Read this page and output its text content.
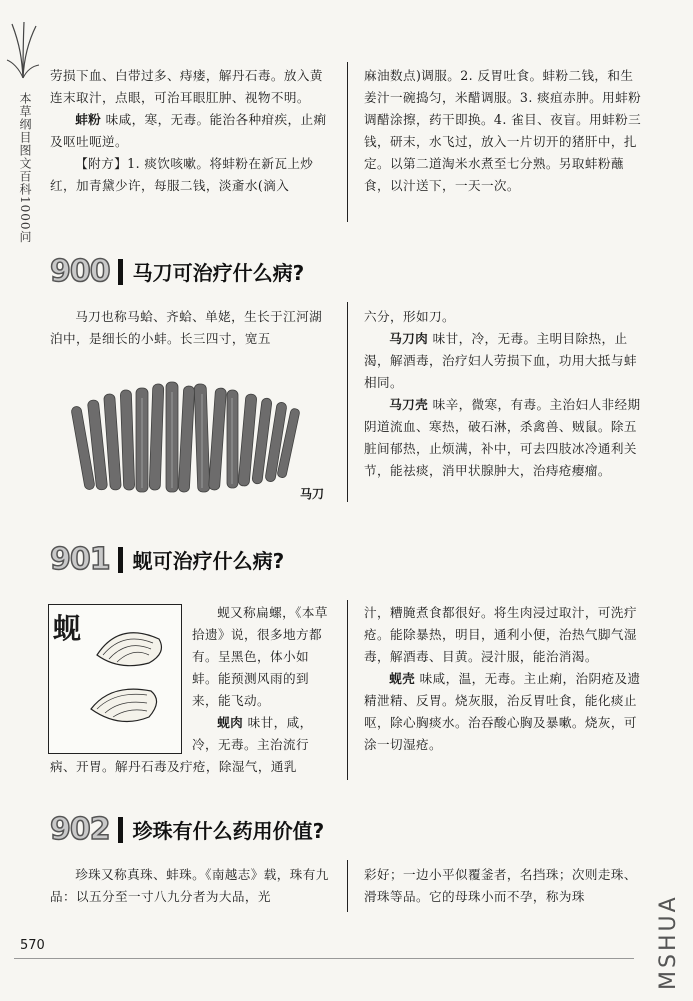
本草纲目图文百科1000问

劳损下血、白带过多、痔瘘，解丹石毒。放入黄连末取汁，点眼，可治耳眼肛肿、视物不明。

蚌粉 味咸，寒，无毒。能治各种疳疾，止痢及呕吐呃逆。

【附方】1. 痰饮咳嗽。将蚌粉在新瓦上炒红，加青黛少许，每服二钱，淡齑水(滴入

麻油数点)调服。2. 反胃吐食。蚌粉二钱，和生姜汁一碗捣匀，米醋调服。3. 痰疽赤肿。用蚌粉调醋涂擦，药干即换。4. 雀目、夜盲。用蚌粉三钱，研末，水飞过，放入一片切开的猪肝中，扎定。以第二道淘米水煮至七分熟。另取蚌粉蘸食，以汁送下，一天一次。

900 马刀可治疗什么病?

马刀也称马蛤、齐蛤、单姥，生长于江河湖泊中，是细长的小蚌。长三四寸，宽五

马刀

六分，形如刀。

马刀肉 味甘，冷，无毒。主明目除热，止渴，解酒毒，治疗妇人劳损下血，功用大抵与蚌相同。

马刀壳 味辛，微寒，有毒。主治妇人非经期阴道流血、寒热，破石淋，杀禽兽、贼鼠。除五脏间郁热，止烦满，补中，可去四肢冰冷通利关节，能祛痰，消甲状腺肿大，治痔疮瘿瘤。

901 蚬可治疗什么病?
蚬	蚬又称扁螺，《本草拾遗》说，很多地方都有。呈黑色，体小如蚌。能预测风雨的到来，能飞动。

蚬肉 味甘，咸，冷，无毒。主治流行

病、开胃。解丹石毒及疔疮，除湿气，通乳

汁，糟腌煮食都很好。将生肉浸过取汁，可洗疔疮。能除暴热，明目，通利小便，治热气脚气湿毒，解酒毒、目黄。浸汁服，能治消渴。

蚬壳 味咸，温，无毒。主止痢，治阴疮及遗精泄精、反胃。烧灰服，治反胃吐食，能化痰止呕，除心胸痰水。治吞酸心胸及暴嗽。烧灰，可涂一切湿疮。

902 珍珠有什么药用价值?

珍珠又称真珠、蚌珠。《南越志》载，珠有九品：以五分至一寸八九分者为大品，光

彩好；一边小平似覆釜者，名挡珠；次则走珠、滑珠等品。它的母珠小而不孕，称为珠

570	MSHUA
